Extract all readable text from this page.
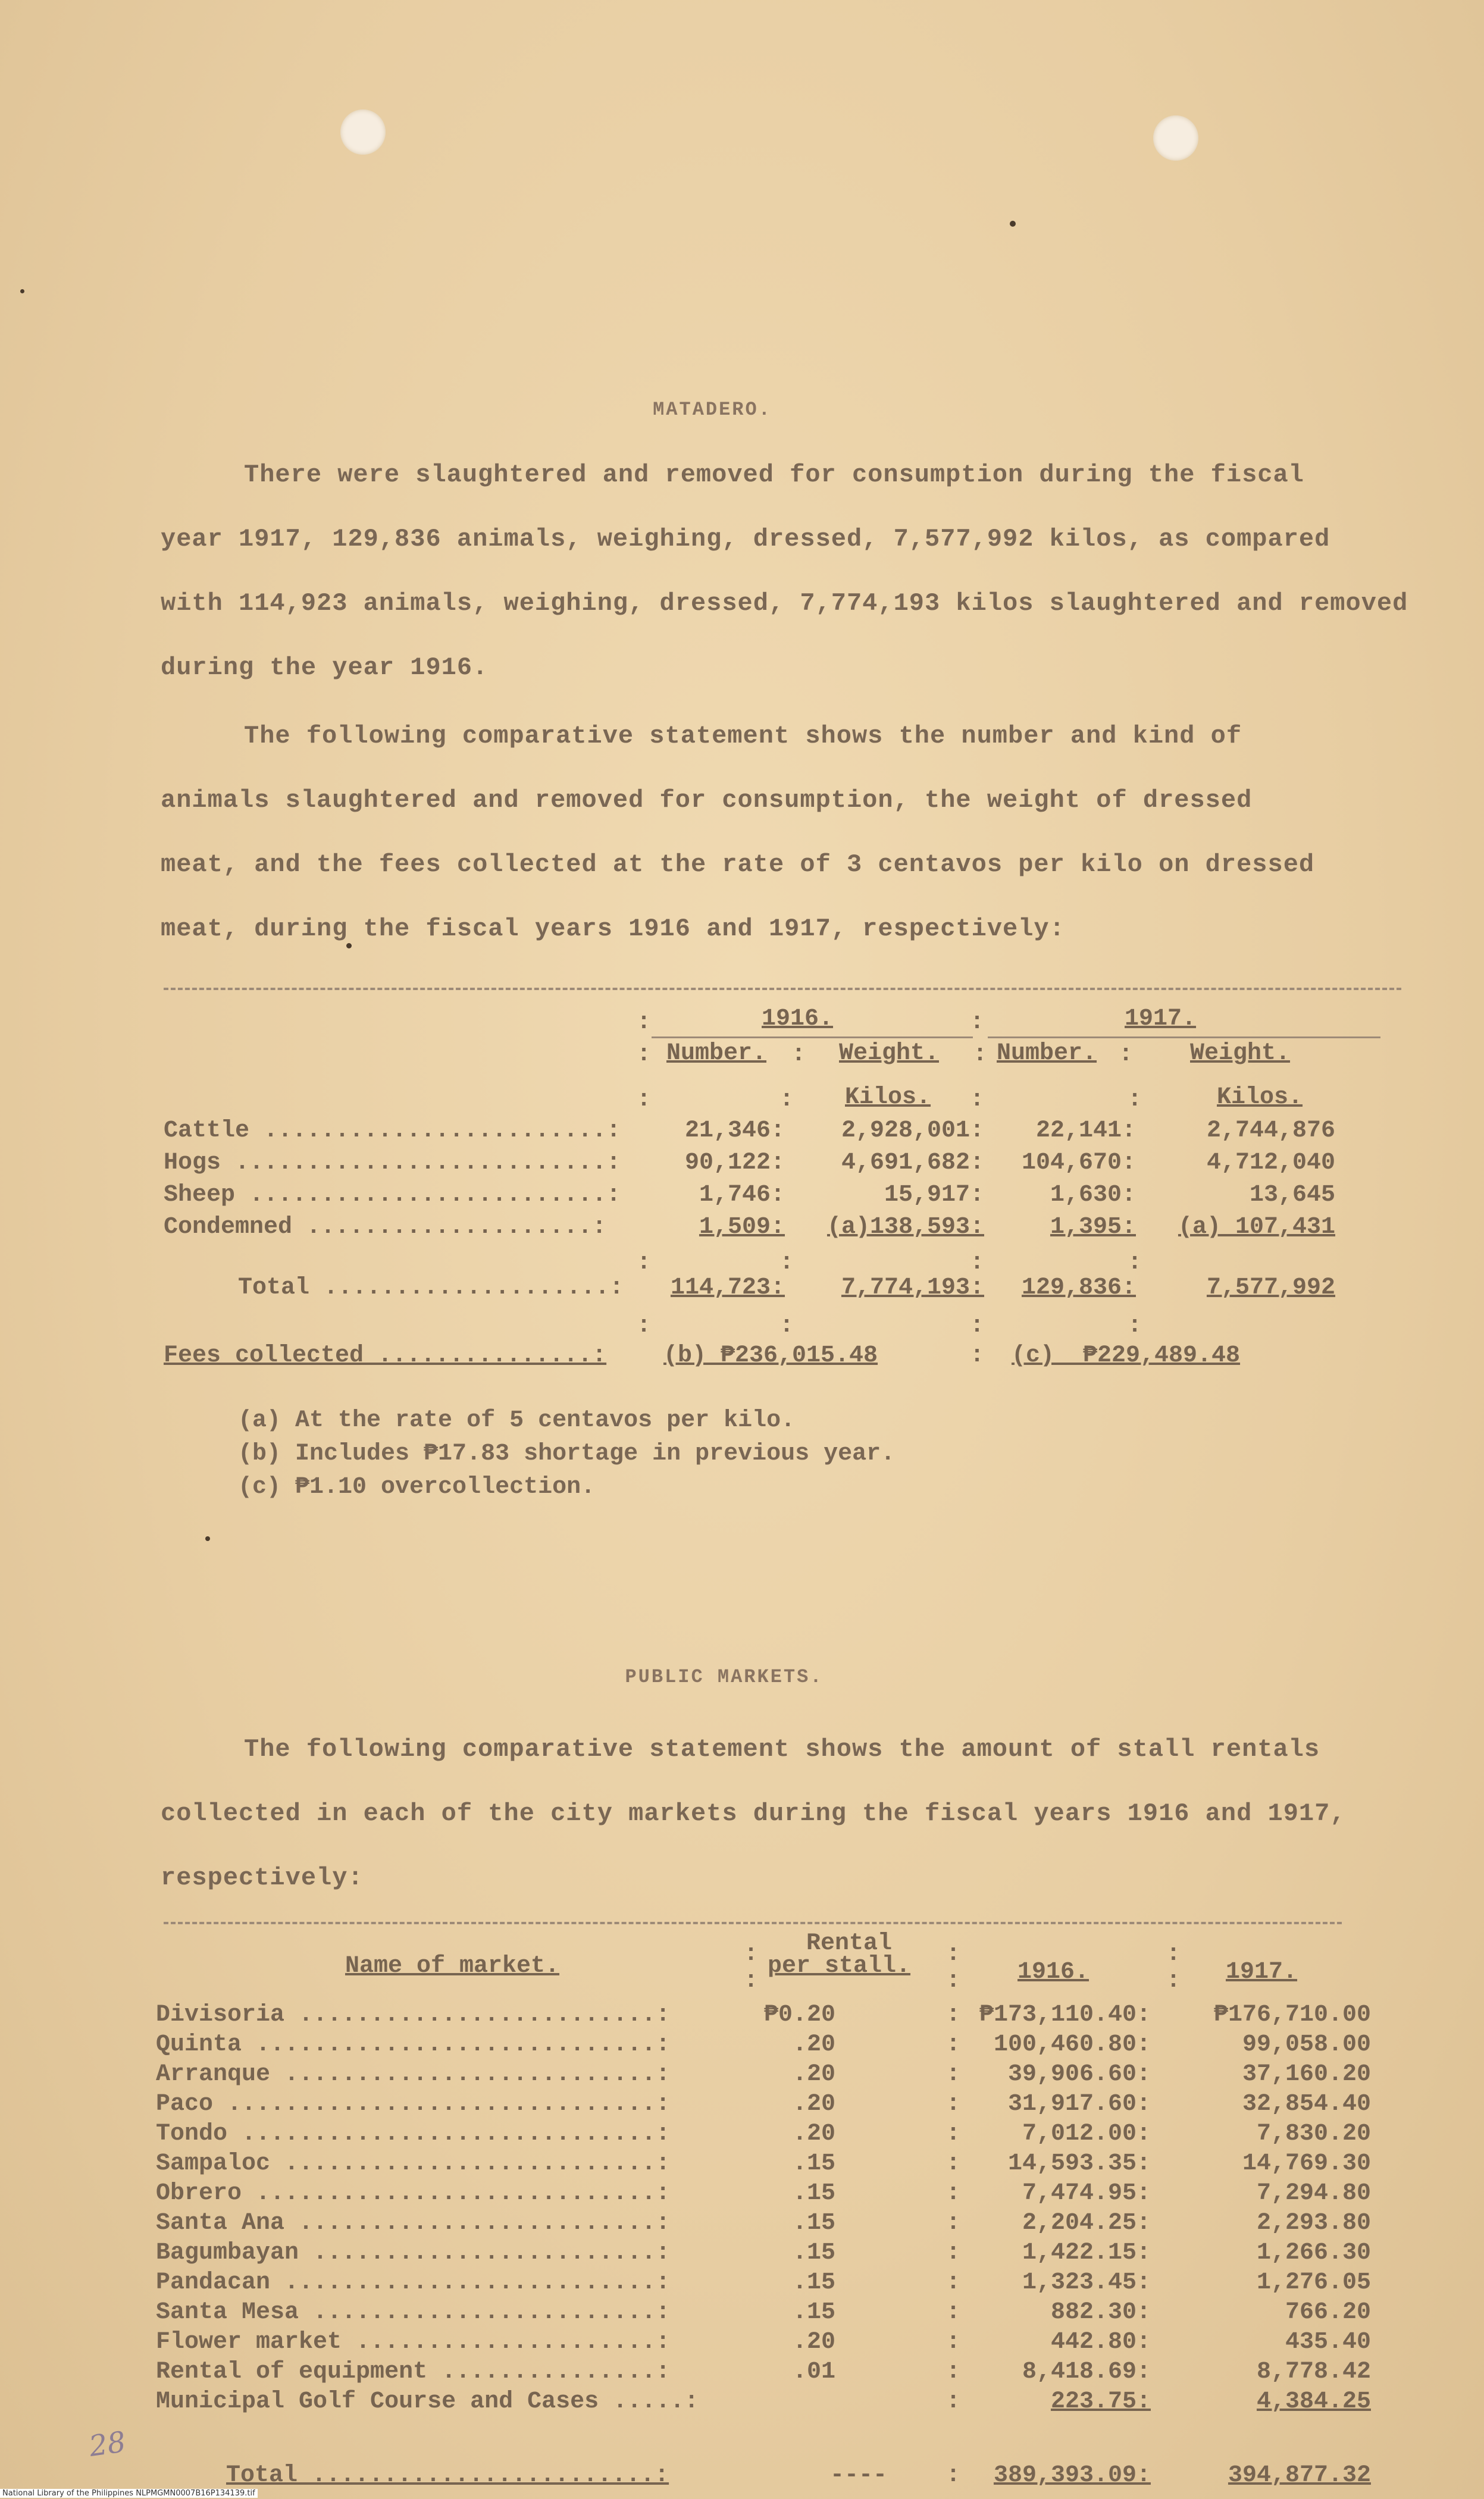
MATADERO.
There were slaughtered and removed for consumption during the fiscal
year 1917, 129,836 animals, weighing, dressed, 7,577,992 kilos, as compared
with 114,923 animals, weighing, dressed, 7,774,193 kilos slaughtered and removed
during the year 1916.
The following comparative statement shows the number and kind of
animals slaughtered and removed for consumption, the weight of dressed
meat, and the fees collected at the rate of 3 centavos per kilo on dressed
meat, during the fiscal years 1916 and 1917, respectively:
:	1916.	:	1917.
: Number. : Weight. : Number. : Weight.
:	: Kilos. :	:	Kilos.
Cattle ........................:	21,346: 2,928,001: 22,141:	2,744,876
Hogs ..........................:	90,122: 4,691,682: 104,670:	4,712,040
Sheep .........................:	1,746:	15,917:	1,630:	13,645
Condemned ....................:	1,509: (a)138,593:	1,395: (a) 107,431
:	:	:	:
Total ....................: 114,723: 7,774,193: 129,836:	7,577,992
:	:	:	:
Fees collected ...............: (b) ₱236,015.48	: (c)  ₱229,489.48
(a) At the rate of 5 centavos per kilo.
(b) Includes ₱17.83 shortage in previous year.
(c) ₱1.10 overcollection.
PUBLIC MARKETS.
The following comparative statement shows the amount of stall rentals
collected in each of the city markets during the fiscal years 1916 and 1917,
respectively:
Name of market.	:
:
Rental
per stall. :
: 1916.
:
: 1917.
Divisoria .........................:	₱0.20	: ₱173,110.40:	₱176,710.00
Quinta ............................:	.20	: 100,460.80:	99,058.00
Arranque ..........................:	.20	: 39,906.60:	37,160.20
Paco ..............................:	.20	: 31,917.60:	32,854.40
Tondo .............................:	.20	:	7,012.00:	7,830.20
Sampaloc ..........................:	.15	: 14,593.35:	14,769.30
Obrero ............................:	.15	:	7,474.95:	7,294.80
Santa Ana .........................:	.15	:	2,204.25:	2,293.80
Bagumbayan ........................:	.15	:	1,422.15:	1,266.30
Pandacan ..........................:	.15	:	1,323.45:	1,276.05
Santa Mesa ........................:	.15	:	882.30:	766.20
Flower market .....................:	.20	:	442.80:	435.40
Rental of equipment ...............:	.01	:	8,418.69:	8,778.42
Municipal Golf Course and Cases .....:	:	223.75:	4,384.25
Total ........................:	---- : 389,393.09:	394,877.32
28
National Library of the Philippines NLPMGMN0007B16P134139.tif
